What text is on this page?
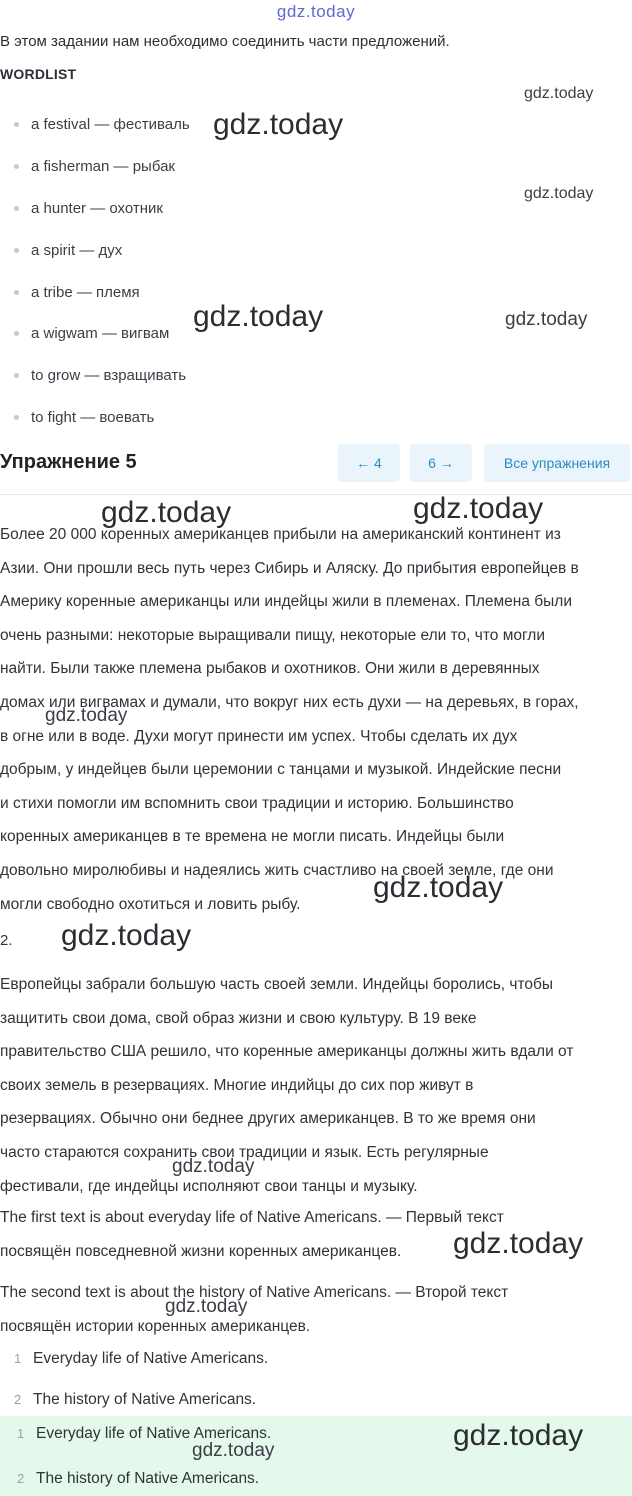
gdz.today
В этом задании нам необходимо соединить части предложений.
WORDLIST
a festival — фестиваль
a fisherman — рыбак
a hunter — охотник
a spirit — дух
a tribe — племя
a wigwam — вигвам
to grow — взращивать
to fight — воевать
Упражнение 5	← 4	6 →	Все упражнения
Более 20 000 коренных американцев прибыли на американский континент из
Азии. Они прошли весь путь через Сибирь и Аляску. До прибытия европейцев в
Америку коренные американцы или индейцы жили в племенах. Племена были
очень разными: некоторые выращивали пищу, некоторые ели то, что могли
найти. Были также племена рыбаков и охотников. Они жили в деревянных
домах или вигвамах и думали, что вокруг них есть духи — на деревьях, в горах,
в огне или в воде. Духи могут принести им успех. Чтобы сделать их дух
добрым, у индейцев были церемонии с танцами и музыкой. Индейские песни
и стихи помогли им вспомнить свои традиции и историю. Большинство
коренных американцев в те времена не могли писать. Индейцы были
довольно миролюбивы и надеялись жить счастливо на своей земле, где они
могли свободно охотиться и ловить рыбу.
2.
Европейцы забрали большую часть своей земли. Индейцы боролись, чтобы
защитить свои дома, свой образ жизни и свою культуру. В 19 веке
правительство США решило, что коренные американцы должны жить вдали от
своих земель в резервациях. Многие индийцы до сих пор живут в
резервациях. Обычно они беднее других американцев. В то же время они
часто стараются сохранить свои традиции и язык. Есть регулярные
фестивали, где индейцы исполняют свои танцы и музыку.
The first text is about everyday life of Native Americans. — Первый текст
посвящён повседневной жизни коренных американцев.
The second text is about the history of Native Americans. — Второй текст
посвящён истории коренных американцев.
1 Everyday life of Native Americans.
2 The history of Native Americans.
1 Everyday life of Native Americans.
2 The history of Native Americans.
gdz.today
gdz.today
gdz.today
gdz.today	gdz.today
gdz.today	gdz.today
gdz.today
gdz.today
gdz.today
gdz.today
gdz.today
gdz.today
gdz.today
gdz.today
